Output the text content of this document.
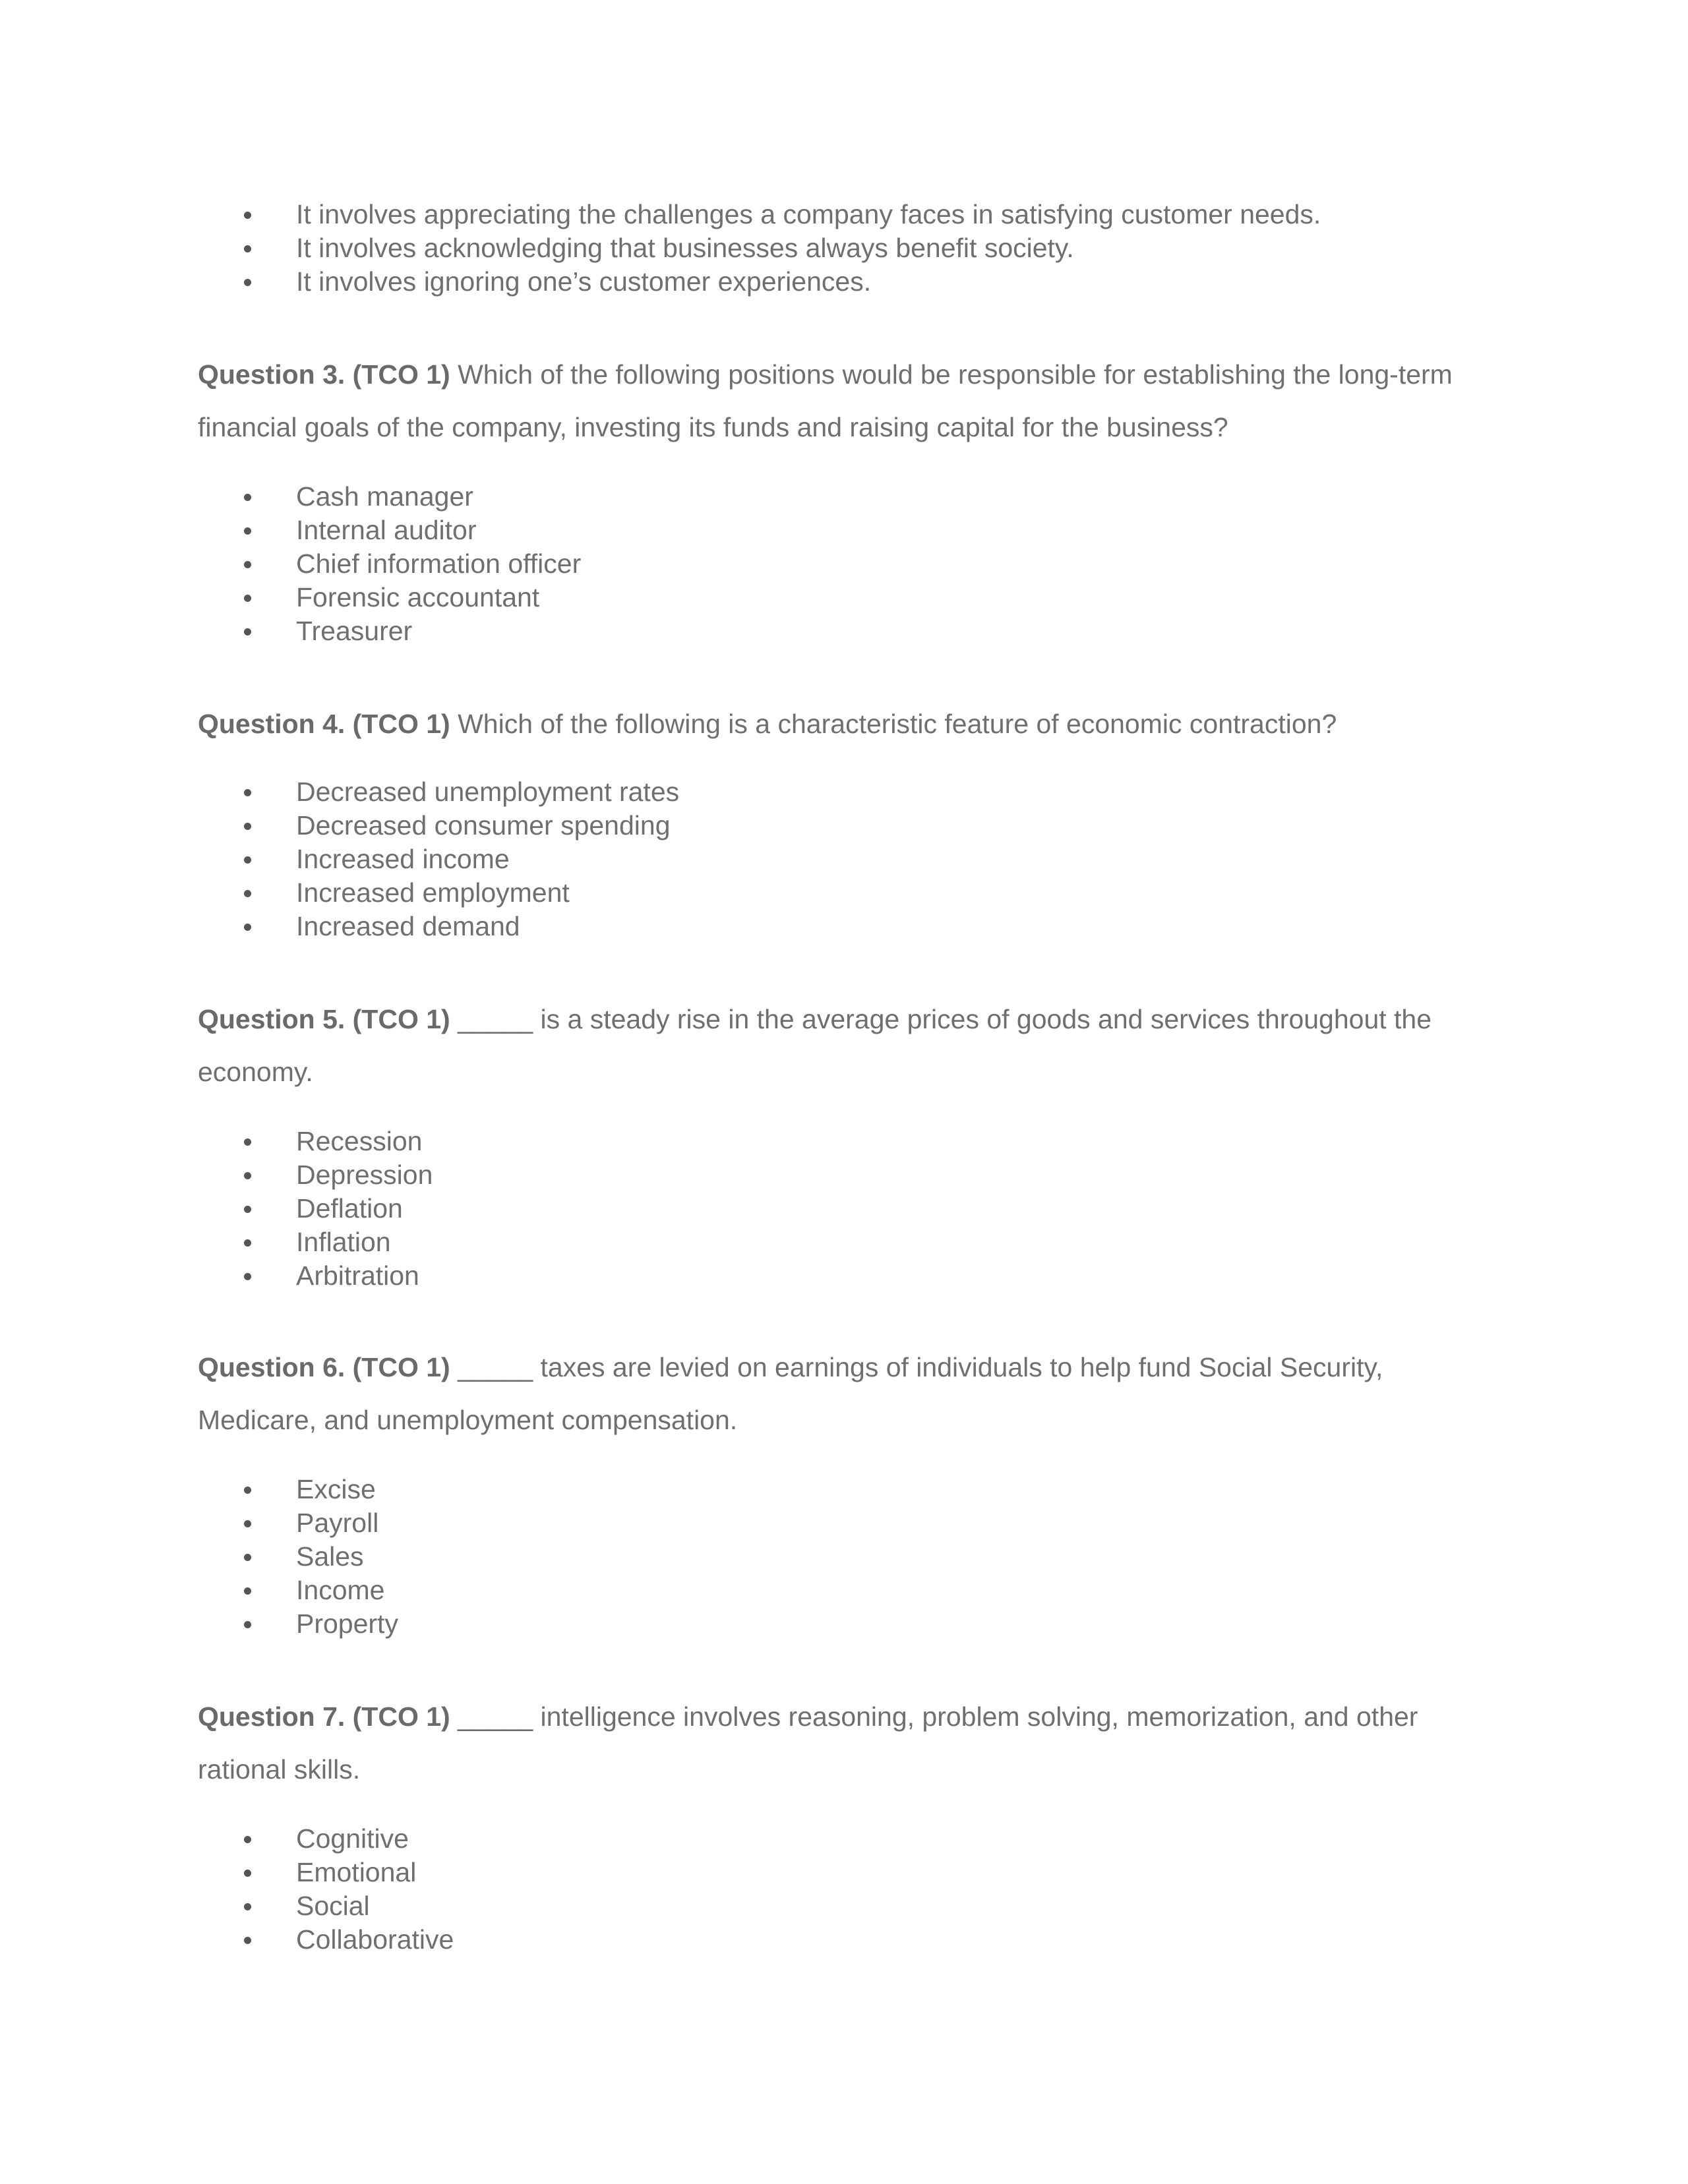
It involves appreciating the challenges a company faces in satisfying customer needs.
It involves acknowledging that businesses always benefit society.
It involves ignoring one’s customer experiences.

Question 3. (TCO 1) Which of the following positions would be responsible for establishing the long-term financial goals of the company, investing its funds and raising capital for the business?

Cash manager
Internal auditor
Chief information officer
Forensic accountant
Treasurer

Question 4. (TCO 1) Which of the following is a characteristic feature of economic contraction?

Decreased unemployment rates
Decreased consumer spending
Increased income
Increased employment
Increased demand

Question 5. (TCO 1) _____ is a steady rise in the average prices of goods and services throughout the economy.

Recession
Depression
Deflation
Inflation
Arbitration

Question 6. (TCO 1) _____ taxes are levied on earnings of individuals to help fund Social Security, Medicare, and unemployment compensation.

Excise
Payroll
Sales
Income
Property

Question 7. (TCO 1) _____ intelligence involves reasoning, problem solving, memorization, and other rational skills.

Cognitive
Emotional
Social
Collaborative
